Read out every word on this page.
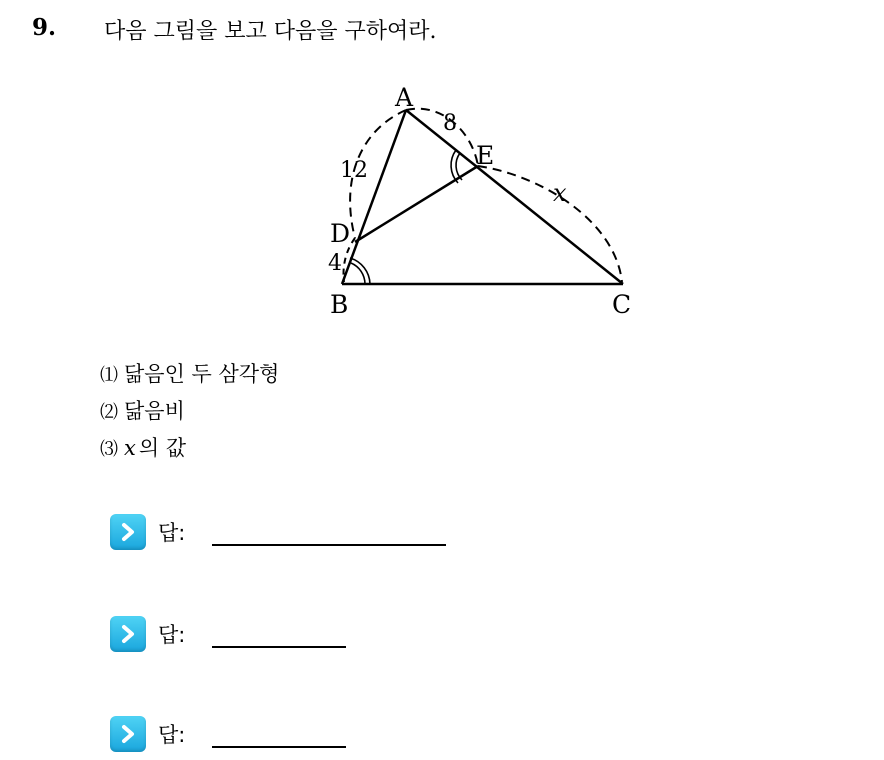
9. 다음 그림을 보고 다음을 구하여라.
A
B	C
D
E
8
12
4
x
⑴ 닮음인 두 삼각형
⑵ 닮음비
⑶ x 의 값
답:
답:
답:
